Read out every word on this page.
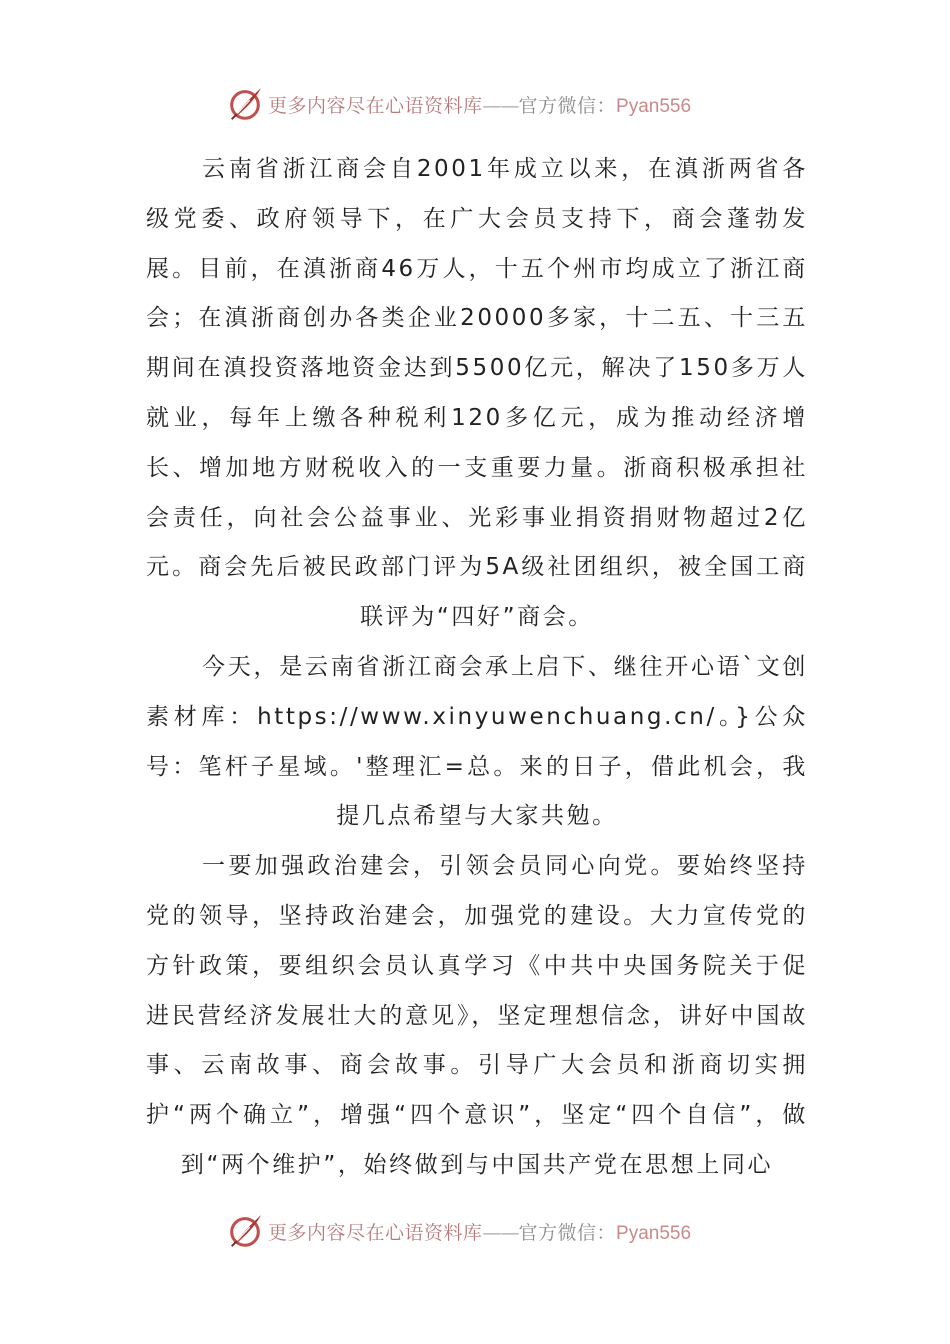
更多内容尽在心语资料库——官方微信：Pyan556

云南省浙江商会自2001年成立以来，在滇浙两省各级党委、政府领导下，在广大会员支持下，商会蓬勃发展。目前，在滇浙商46万人，十五个州市均成立了浙江商会；在滇浙商创办各类企业20000多家，十二五、十三五期间在滇投资落地资金达到5500亿元，解决了150多万人就业，每年上缴各种税利120多亿元，成为推动经济增长、增加地方财税收入的一支重要力量。浙商积极承担社会责任，向社会公益事业、光彩事业捐资捐财物超过2亿元。商会先后被民政部门评为5A级社团组织，被全国工商联评为“四好”商会。

今天，是云南省浙江商会承上启下、继往开心语`文创素材库：https://www.xinyuwenchuang.cn/。}公众号：笔杆子星域。'整理汇=总。来的日子，借此机会，我提几点希望与大家共勉。

一要加强政治建会，引领会员同心向党。要始终坚持党的领导，坚持政治建会，加强党的建设。大力宣传党的方针政策，要组织会员认真学习《中共中央国务院关于促进民营经济发展壮大的意见》，坚定理想信念，讲好中国故事、云南故事、商会故事。引导广大会员和浙商切实拥护“两个确立”，增强“四个意识”，坚定“四个自信”，做到“两个维护”，始终做到与中国共产党在思想上同心

更多内容尽在心语资料库——官方微信：Pyan556
